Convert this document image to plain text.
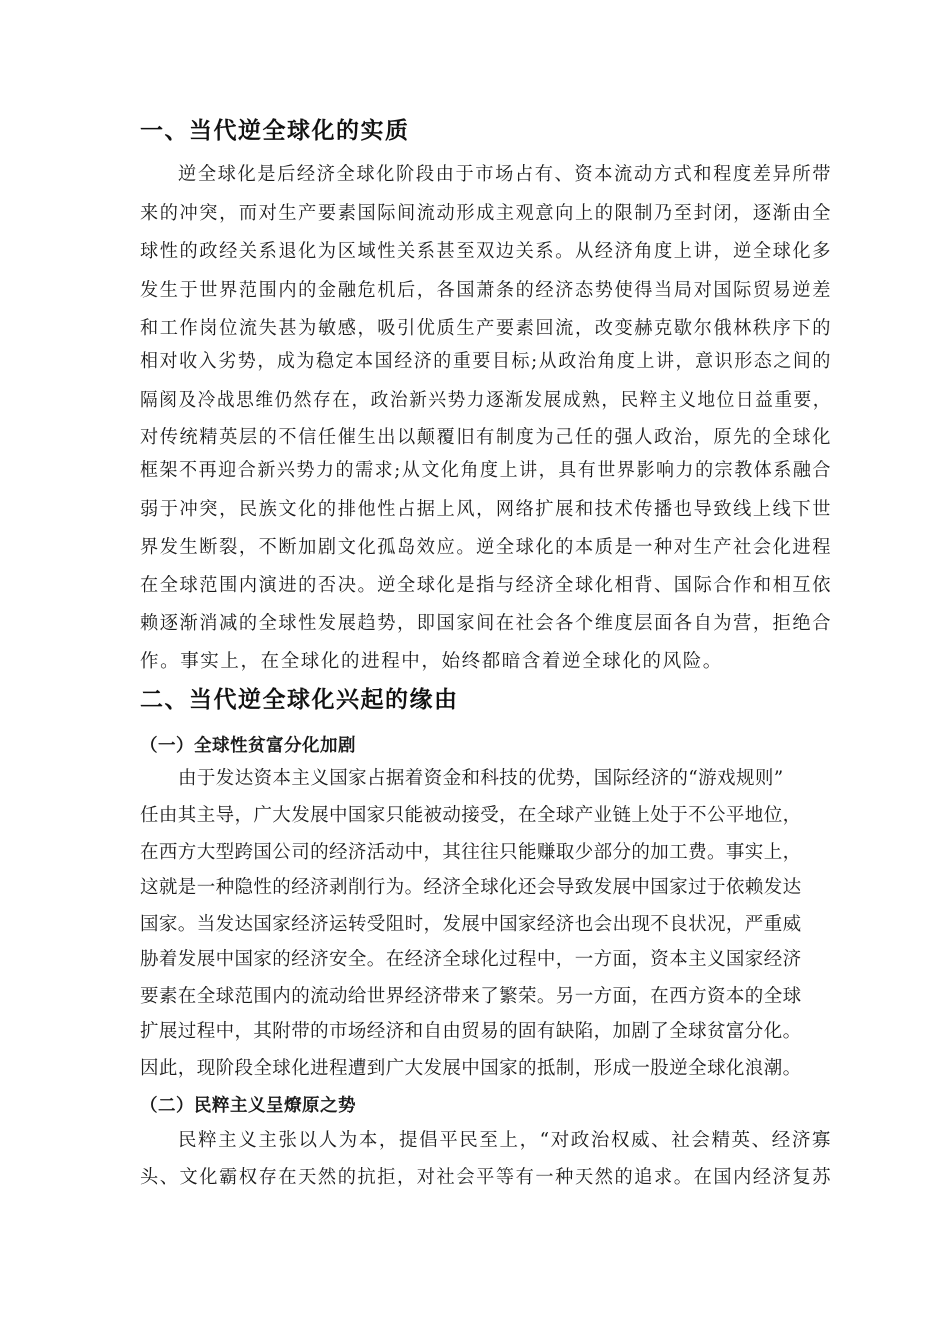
一、当代逆全球化的实质

逆全球化是后经济全球化阶段由于市场占有、资本流动方式和程度差异所带

来的冲突，而对生产要素国际间流动形成主观意向上的限制乃至封闭，逐渐由全

球性的政经关系退化为区域性关系甚至双边关系。从经济角度上讲，逆全球化多

发生于世界范围内的金融危机后，各国萧条的经济态势使得当局对国际贸易逆差

和工作岗位流失甚为敏感，吸引优质生产要素回流，改变赫克歇尔俄林秩序下的

相对收入劣势，成为稳定本国经济的重要目标;从政治角度上讲，意识形态之间的

隔阂及冷战思维仍然存在，政治新兴势力逐渐发展成熟，民粹主义地位日益重要，

对传统精英层的不信任催生出以颠覆旧有制度为己任的强人政治，原先的全球化

框架不再迎合新兴势力的需求;从文化角度上讲，具有世界影响力的宗教体系融合

弱于冲突，民族文化的排他性占据上风，网络扩展和技术传播也导致线上线下世

界发生断裂，不断加剧文化孤岛效应。逆全球化的本质是一种对生产社会化进程

在全球范围内演进的否决。逆全球化是指与经济全球化相背、国际合作和相互依

赖逐渐消减的全球性发展趋势，即国家间在社会各个维度层面各自为营，拒绝合

作。事实上，在全球化的进程中，始终都暗含着逆全球化的风险。

二、当代逆全球化兴起的缘由
（一）全球性贫富分化加剧

由于发达资本主义国家占据着资金和科技的优势，国际经济的“游戏规则”

任由其主导，广大发展中国家只能被动接受，在全球产业链上处于不公平地位，

在西方大型跨国公司的经济活动中，其往往只能赚取少部分的加工费。事实上，

这就是一种隐性的经济剥削行为。经济全球化还会导致发展中国家过于依赖发达

国家。当发达国家经济运转受阻时，发展中国家经济也会出现不良状况，严重威

胁着发展中国家的经济安全。在经济全球化过程中，一方面，资本主义国家经济

要素在全球范围内的流动给世界经济带来了繁荣。另一方面，在西方资本的全球

扩展过程中，其附带的市场经济和自由贸易的固有缺陷，加剧了全球贫富分化。

因此，现阶段全球化进程遭到广大发展中国家的抵制，形成一股逆全球化浪潮。

（二）民粹主义呈燎原之势

民粹主义主张以人为本，提倡平民至上，“对政治权威、社会精英、经济寡

头、文化霸权存在天然的抗拒，对社会平等有一种天然的追求。在国内经济复苏
